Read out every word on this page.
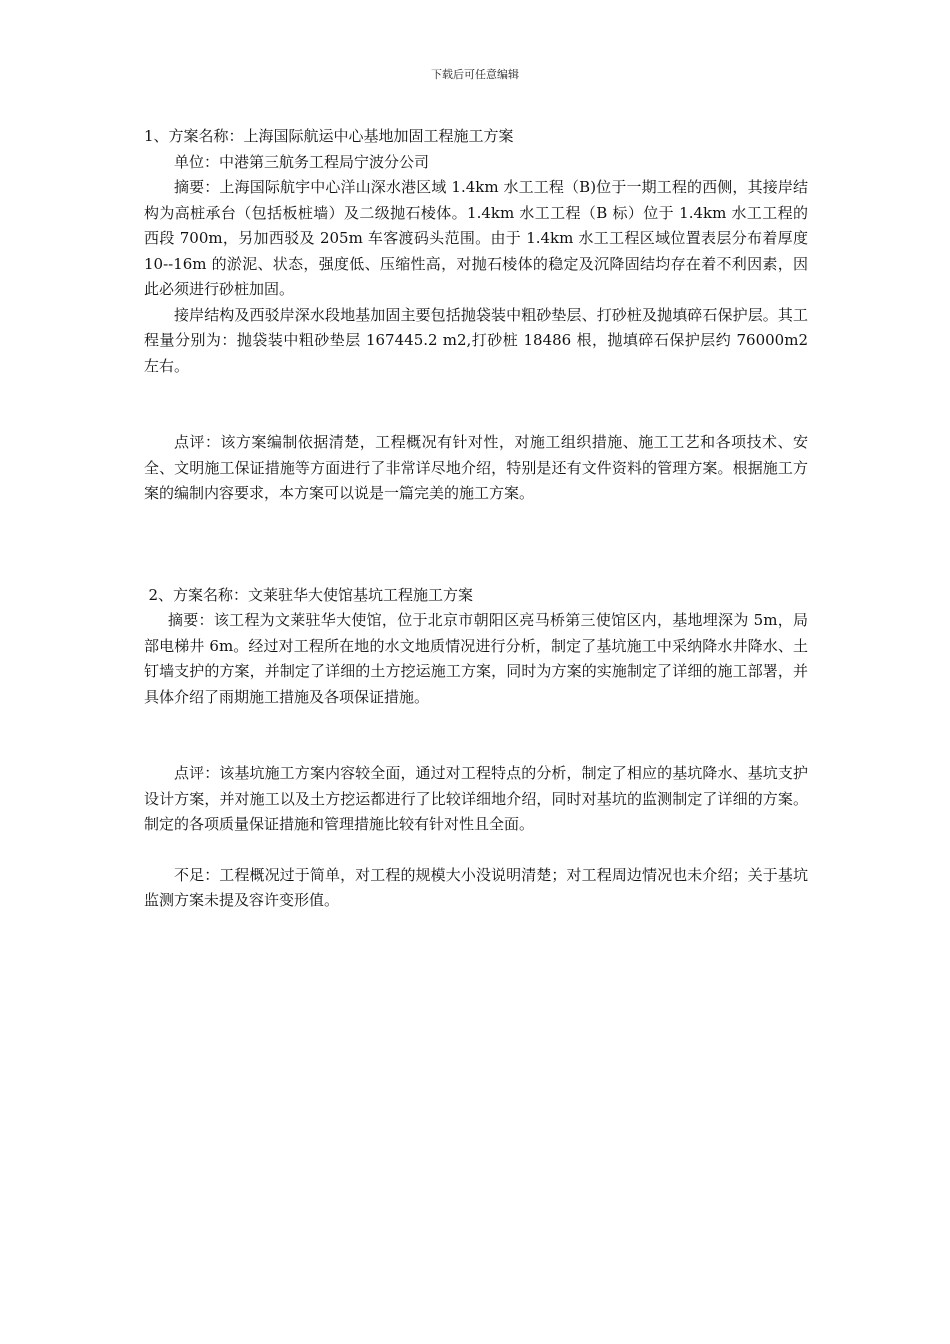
下载后可任意编辑

1、方案名称：上海国际航运中心基地加固工程施工方案

单位：中港第三航务工程局宁波分公司

摘要：上海国际航宇中心洋山深水港区域 1.4km 水工工程（B)位于一期工程的西侧，其接岸结构为高桩承台（包括板桩墙）及二级抛石棱体。1.4km 水工工程（B 标）位于 1.4km 水工工程的西段 700m，另加西驳及 205m 车客渡码头范围。由于 1.4km 水工工程区域位置表层分布着厚度 10--16m 的淤泥、状态，强度低、压缩性高，对抛石棱体的稳定及沉降固结均存在着不利因素，因此必须进行砂桩加固。

接岸结构及西驳岸深水段地基加固主要包括抛袋装中粗砂垫层、打砂桩及抛填碎石保护层。其工程量分别为：抛袋装中粗砂垫层 167445.2 m2,打砂桩 18486 根，抛填碎石保护层约 76000m2 左右。

点评：该方案编制依据清楚，工程概况有针对性，对施工组织措施、施工工艺和各项技术、安全、文明施工保证措施等方面进行了非常详尽地介绍，特别是还有文件资料的管理方案。根据施工方案的编制内容要求，本方案可以说是一篇完美的施工方案。

2、方案名称：文莱驻华大使馆基坑工程施工方案

摘要：该工程为文莱驻华大使馆，位于北京市朝阳区亮马桥第三使馆区内，基地埋深为 5m，局部电梯井 6m。经过对工程所在地的水文地质情况进行分析，制定了基坑施工中采纳降水井降水、土钉墙支护的方案，并制定了详细的土方挖运施工方案，同时为方案的实施制定了详细的施工部署，并具体介绍了雨期施工措施及各项保证措施。

点评：该基坑施工方案内容较全面，通过对工程特点的分析，制定了相应的基坑降水、基坑支护设计方案，并对施工以及土方挖运都进行了比较详细地介绍，同时对基坑的监测制定了详细的方案。制定的各项质量保证措施和管理措施比较有针对性且全面。

不足：工程概况过于简单，对工程的规模大小没说明清楚；对工程周边情况也未介绍；关于基坑监测方案未提及容许变形值。
